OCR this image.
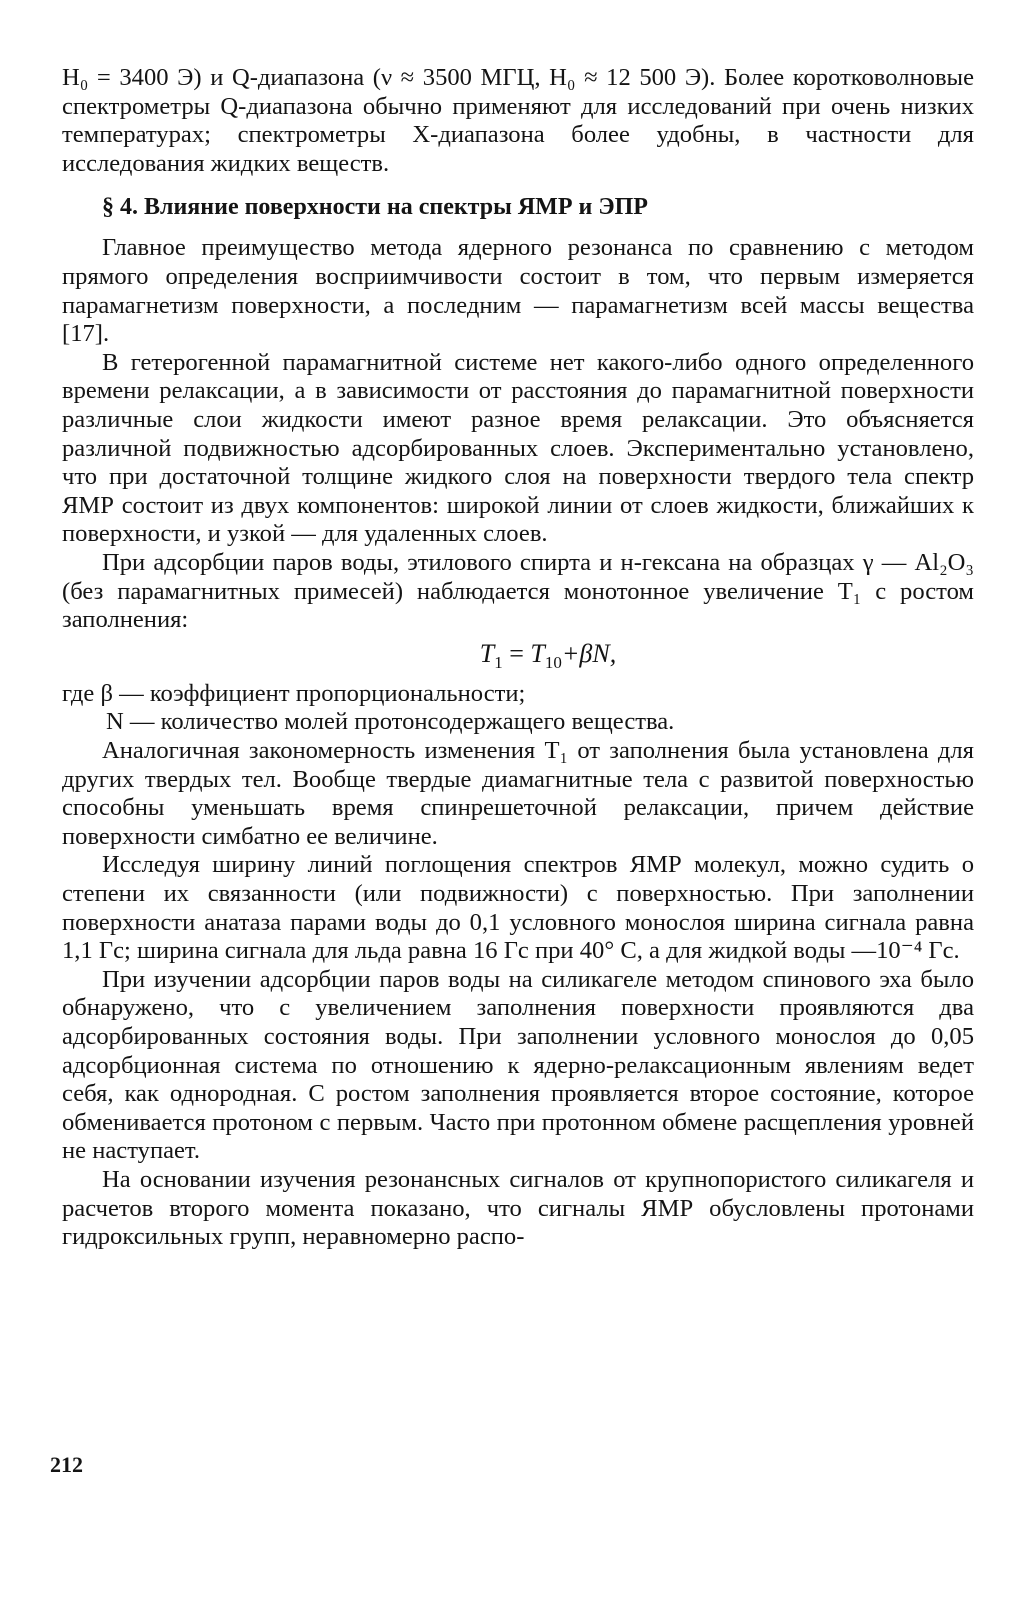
H₀ = 3400 Э) и Q-диапазона (ν ≈ 3500 МГЦ, H₀ ≈ 12 500 Э). Более коротковолновые спектрометры Q-диапазона обычно применяют для исследований при очень низких температурах; спектрометры X-диапазона более удобны, в частности для исследования жидких веществ.

§ 4. Влияние поверхности на спектры ЯМР и ЭПР

Главное преимущество метода ядерного резонанса по сравнению с методом прямого определения восприимчивости состоит в том, что первым измеряется парамагнетизм поверхности, а последним — парамагнетизм всей массы вещества [17].

В гетерогенной парамагнитной системе нет какого-либо одного определенного времени релаксации, а в зависимости от расстояния до парамагнитной поверхности различные слои жидкости имеют разное время релаксации. Это объясняется различной подвижностью адсорбированных слоев. Экспериментально установлено, что при достаточной толщине жидкого слоя на поверхности твердого тела спектр ЯМР состоит из двух компонентов: широкой линии от слоев жидкости, ближайших к поверхности, и узкой — для удаленных слоев.

При адсорбции паров воды, этилового спирта и н-гексана на образцах γ — Al₂O₃ (без парамагнитных примесей) наблюдается монотонное увеличение T₁ с ростом заполнения:

$T_1 = T_{10}+\beta N$,
где β — коэффициент пропорциональности;
N — количество молей протонсодержащего вещества.

Аналогичная закономерность изменения T₁ от заполнения была установлена для других твердых тел. Вообще твердые диамагнитные тела с развитой поверхностью способны уменьшать время спинрешеточной релаксации, причем действие поверхности симбатно ее величине.

Исследуя ширину линий поглощения спектров ЯМР молекул, можно судить о степени их связанности (или подвижности) с поверхностью. При заполнении поверхности анатаза парами воды до 0,1 условного монослоя ширина сигнала равна 1,1 Гс; ширина сигнала для льда равна 16 Гс при 40° С, а для жидкой воды —10⁻⁴ Гс.

При изучении адсорбции паров воды на силикагеле методом спинового эха было обнаружено, что с увеличением заполнения поверхности проявляются два адсорбированных состояния воды. При заполнении условного монослоя до 0,05 адсорбционная система по отношению к ядерно-релаксационным явлениям ведет себя, как однородная. С ростом заполнения проявляется второе состояние, которое обменивается протоном с первым. Часто при протонном обмене расщепления уровней не наступает.

На основании изучения резонансных сигналов от крупнопористого силикагеля и расчетов второго момента показано, что сигналы ЯМР обусловлены протонами гидроксильных групп, неравномерно распо-

212
